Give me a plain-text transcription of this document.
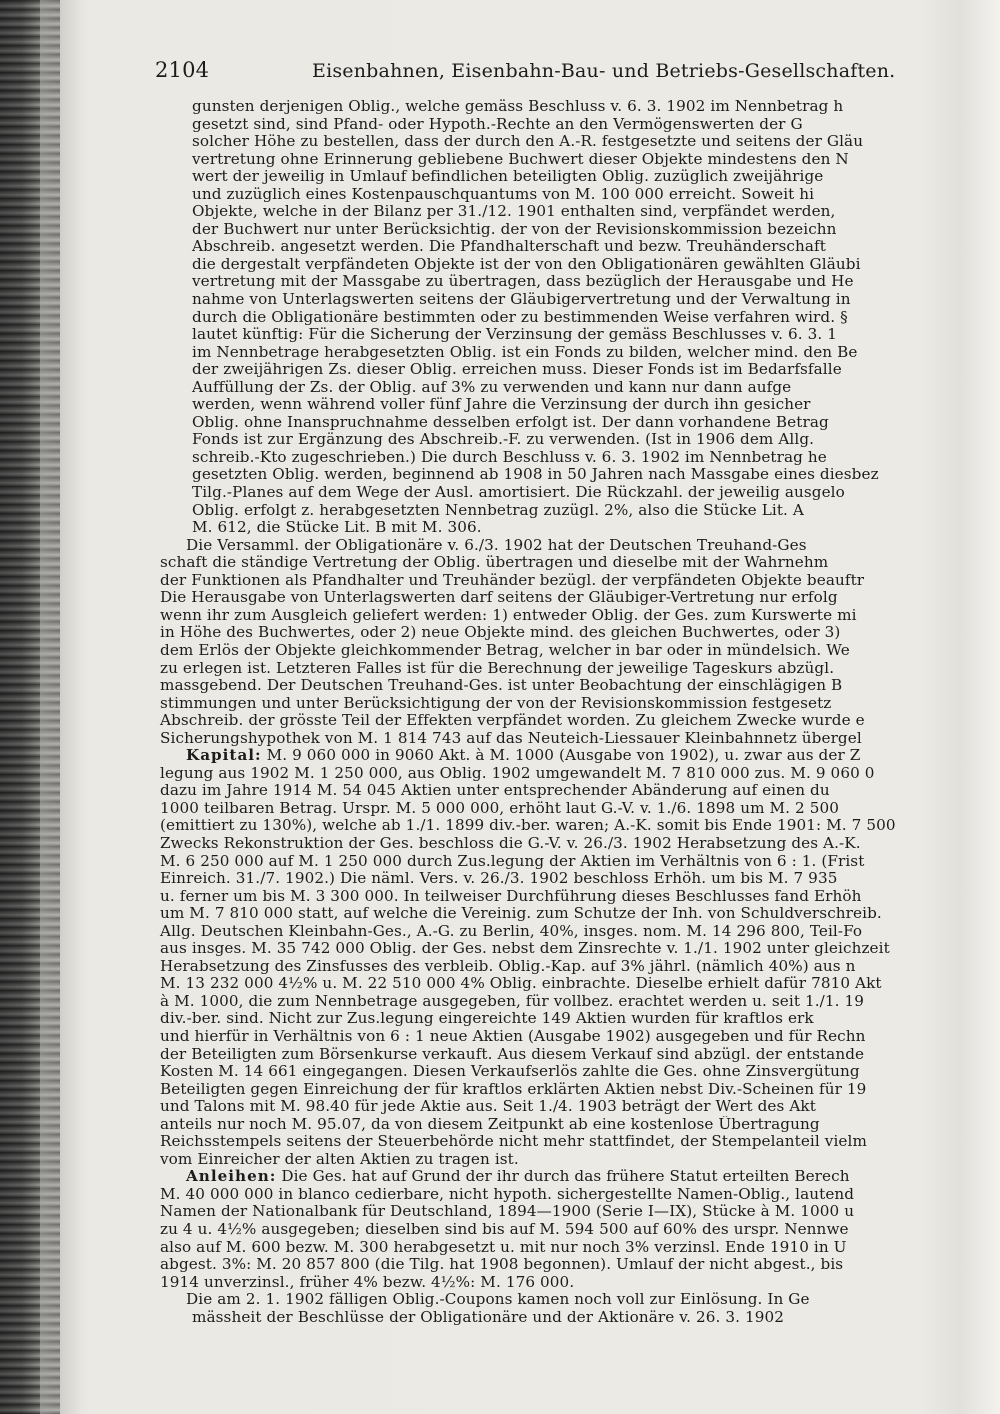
2104	Eisenbahnen, Eisenbahn-Bau- und Betriebs-Gesellschaften.
gunsten derjenigen Oblig., welche gemäss Beschluss v. 6. 3. 1902 im Nennbetrag h
gesetzt sind, sind Pfand- oder Hypoth.-Rechte an den Vermögenswerten der G
solcher Höhe zu bestellen, dass der durch den A.-R. festgesetzte und seitens der Gläu
vertretung ohne Erinnerung gebliebene Buchwert dieser Objekte mindestens den N
wert der jeweilig in Umlauf befindlichen beteiligten Oblig. zuzüglich zweijährige
und zuzüglich eines Kostenpauschquantums von M. 100 000 erreicht. Soweit hi
Objekte, welche in der Bilanz per 31./12. 1901 enthalten sind, verpfändet werden,
der Buchwert nur unter Berücksichtig. der von der Revisionskommission bezeichn
Abschreib. angesetzt werden. Die Pfandhalterschaft und bezw. Treuhänderschaft
die dergestalt verpfändeten Objekte ist der von den Obligationären gewählten Gläubi
vertretung mit der Massgabe zu übertragen, dass bezüglich der Herausgabe und He
nahme von Unterlagswerten seitens der Gläubigervertretung und der Verwaltung in
durch die Obligationäre bestimmten oder zu bestimmenden Weise verfahren wird. §
lautet künftig: Für die Sicherung der Verzinsung der gemäss Beschlusses v. 6. 3. 1
im Nennbetrage herabgesetzten Oblig. ist ein Fonds zu bilden, welcher mind. den Be
der zweijährigen Zs. dieser Oblig. erreichen muss. Dieser Fonds ist im Bedarfsfalle
Auffüllung der Zs. der Oblig. auf 3% zu verwenden und kann nur dann aufge
werden, wenn während voller fünf Jahre die Verzinsung der durch ihn gesicher
Oblig. ohne Inanspruchnahme desselben erfolgt ist. Der dann vorhandene Betrag
Fonds ist zur Ergänzung des Abschreib.-F. zu verwenden. (Ist in 1906 dem Allg.
schreib.-Kto zugeschrieben.) Die durch Beschluss v. 6. 3. 1902 im Nennbetrag he
gesetzten Oblig. werden, beginnend ab 1908 in 50 Jahren nach Massgabe eines diesbez
Tilg.-Planes auf dem Wege der Ausl. amortisiert. Die Rückzahl. der jeweilig ausgelo
Oblig. erfolgt z. herabgesetzten Nennbetrag zuzügl. 2%, also die Stücke Lit. A
M. 612, die Stücke Lit. B mit M. 306.
Die Versamml. der Obligationäre v. 6./3. 1902 hat der Deutschen Treuhand-Ges
schaft die ständige Vertretung der Oblig. übertragen und dieselbe mit der Wahrnehm
der Funktionen als Pfandhalter und Treuhänder bezügl. der verpfändeten Objekte beauftr
Die Herausgabe von Unterlagswerten darf seitens der Gläubiger-Vertretung nur erfolg
wenn ihr zum Ausgleich geliefert werden: 1) entweder Oblig. der Ges. zum Kurswerte mi
in Höhe des Buchwertes, oder 2) neue Objekte mind. des gleichen Buchwertes, oder 3)
dem Erlös der Objekte gleichkommender Betrag, welcher in bar oder in mündelsich. We
zu erlegen ist. Letzteren Falles ist für die Berechnung der jeweilige Tageskurs abzügl.
massgebend. Der Deutschen Treuhand-Ges. ist unter Beobachtung der einschlägigen B
stimmungen und unter Berücksichtigung der von der Revisionskommission festgesetz
Abschreib. der grösste Teil der Effekten verpfändet worden. Zu gleichem Zwecke wurde e
Sicherungshypothek von M. 1 814 743 auf das Neuteich-Liessauer Kleinbahnnetz übergel
Kapital: M. 9 060 000 in 9060 Akt. à M. 1000 (Ausgabe von 1902), u. zwar aus der Z
legung aus 1902 M. 1 250 000, aus Oblig. 1902 umgewandelt M. 7 810 000 zus. M. 9 060 0
dazu im Jahre 1914 M. 54 045 Aktien unter entsprechender Abänderung auf einen du
1000 teilbaren Betrag. Urspr. M. 5 000 000, erhöht laut G.-V. v. 1./6. 1898 um M. 2 500
(emittiert zu 130%), welche ab 1./1. 1899 div.-ber. waren; A.-K. somit bis Ende 1901: M. 7 500
Zwecks Rekonstruktion der Ges. beschloss die G.-V. v. 26./3. 1902 Herabsetzung des A.-K.
M. 6 250 000 auf M. 1 250 000 durch Zus.legung der Aktien im Verhältnis von 6 : 1. (Frist
Einreich. 31./7. 1902.) Die näml. Vers. v. 26./3. 1902 beschloss Erhöh. um bis M. 7 935
u. ferner um bis M. 3 300 000. In teilweiser Durchführung dieses Beschlusses fand Erhöh
um M. 7 810 000 statt, auf welche die Vereinig. zum Schutze der Inh. von Schuldverschreib.
Allg. Deutschen Kleinbahn-Ges., A.-G. zu Berlin, 40%, insges. nom. M. 14 296 800, Teil-Fo
aus insges. M. 35 742 000 Oblig. der Ges. nebst dem Zinsrechte v. 1./1. 1902 unter gleichzeit
Herabsetzung des Zinsfusses des verbleib. Oblig.-Kap. auf 3% jährl. (nämlich 40%) aus n
M. 13 232 000 4½% u. M. 22 510 000 4% Oblig. einbrachte. Dieselbe erhielt dafür 7810 Akt
à M. 1000, die zum Nennbetrage ausgegeben, für vollbez. erachtet werden u. seit 1./1. 19
div.-ber. sind. Nicht zur Zus.legung eingereichte 149 Aktien wurden für kraftlos erk
und hierfür in Verhältnis von 6 : 1 neue Aktien (Ausgabe 1902) ausgegeben und für Rechn
der Beteiligten zum Börsenkurse verkauft. Aus diesem Verkauf sind abzügl. der entstande
Kosten M. 14 661 eingegangen. Diesen Verkaufserlös zahlte die Ges. ohne Zinsvergütung
Beteiligten gegen Einreichung der für kraftlos erklärten Aktien nebst Div.-Scheinen für 19
und Talons mit M. 98.40 für jede Aktie aus. Seit 1./4. 1903 beträgt der Wert des Akt
anteils nur noch M. 95.07, da von diesem Zeitpunkt ab eine kostenlose Übertragung
Reichsstempels seitens der Steuerbehörde nicht mehr stattfindet, der Stempelanteil vielm
vom Einreicher der alten Aktien zu tragen ist.
Anleihen: Die Ges. hat auf Grund der ihr durch das frühere Statut erteilten Berech
M. 40 000 000 in blanco cedierbare, nicht hypoth. sichergestellte Namen-Oblig., lautend
Namen der Nationalbank für Deutschland, 1894—1900 (Serie I—IX), Stücke à M. 1000 u
zu 4 u. 4½% ausgegeben; dieselben sind bis auf M. 594 500 auf 60% des urspr. Nennwe
also auf M. 600 bezw. M. 300 herabgesetzt u. mit nur noch 3% verzinsl. Ende 1910 in U
abgest. 3%: M. 20 857 800 (die Tilg. hat 1908 begonnen). Umlauf der nicht abgest., bis
1914 unverzinsl., früher 4% bezw. 4½%: M. 176 000.
Die am 2. 1. 1902 fälligen Oblig.-Coupons kamen noch voll zur Einlösung. In Ge
mässheit der Beschlüsse der Obligationäre und der Aktionäre v. 26. 3. 1902
